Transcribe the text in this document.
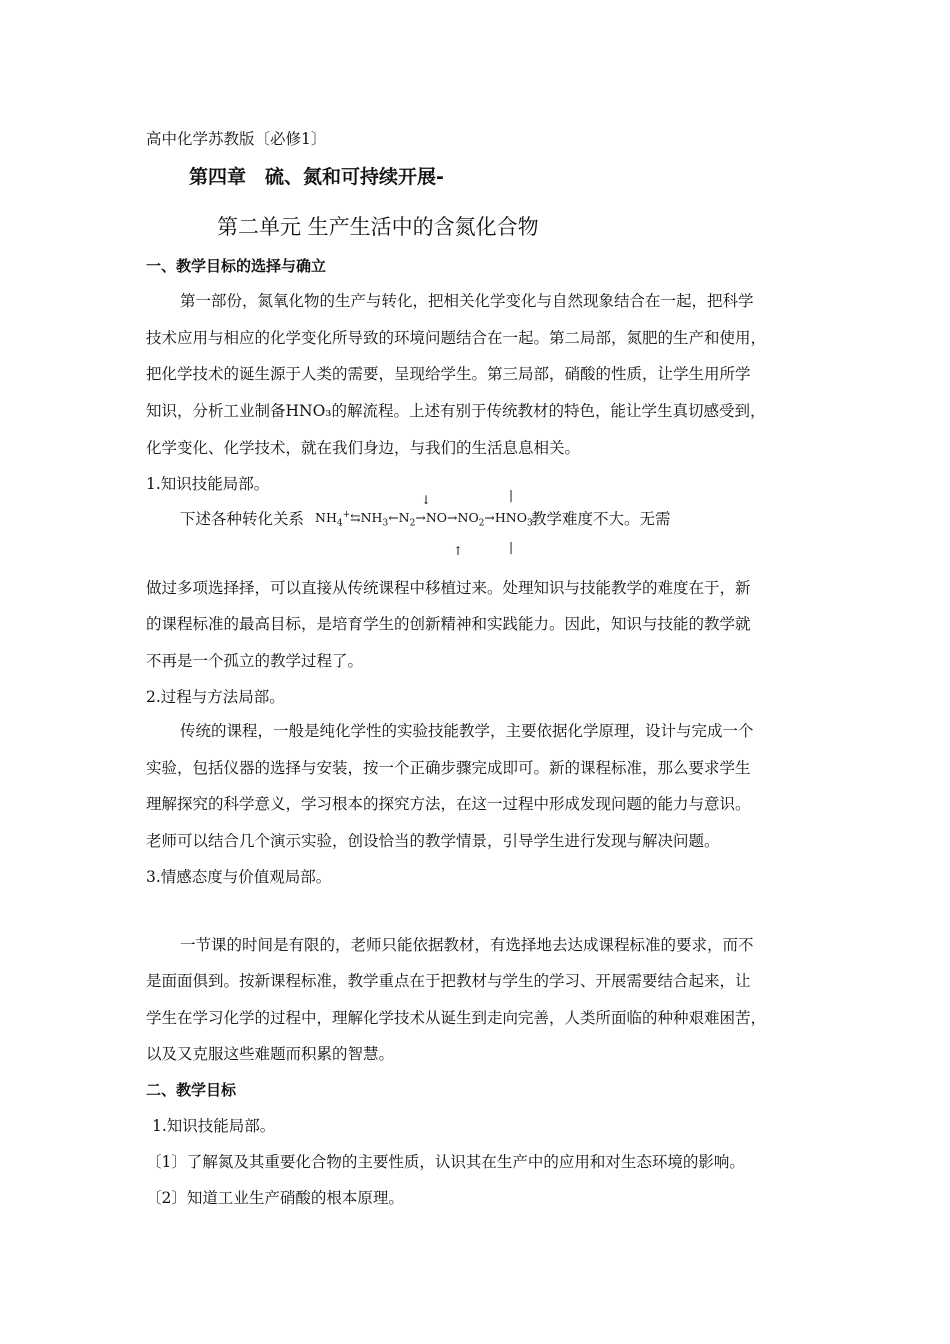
高中化学苏教版〔必修1〕
第四章　硫、氮和可持续开展-
第二单元 生产生活中的含氮化合物
一、教学目标的选择与确立
第一部份，氮氧化物的生产与转化，把相关化学变化与自然现象结合在一起，把科学
技术应用与相应的化学变化所导致的环境问题结合在一起。第二局部，氮肥的生产和使用，
把化学技术的诞生源于人类的需要，呈现给学生。第三局部，硝酸的性质，让学生用所学
知识，分析工业制备HNO₃的解流程。上述有别于传统教材的特色，能让学生真切感受到，
化学变化、化学技术，就在我们身边，与我们的生活息息相关。
1.知识技能局部。
↓	|
下述各种转化关系 $NH_4^+⇆NH_3\leftarrow N_2\to NO\to NO_2\to HNO_3$
教学难度不大。无需
↑	|
做过多项选择择，可以直接从传统课程中移植过来。处理知识与技能教学的难度在于，新
的课程标准的最高目标，是培育学生的创新精神和实践能力。因此，知识与技能的教学就
不再是一个孤立的教学过程了。
2.过程与方法局部。
传统的课程，一般是纯化学性的实验技能教学，主要依据化学原理，设计与完成一个
实验，包括仪器的选择与安装，按一个正确步骤完成即可。新的课程标准，那么要求学生
理解探究的科学意义，学习根本的探究方法，在这一过程中形成发现问题的能力与意识。
老师可以结合几个演示实验，创设恰当的教学情景，引导学生进行发现与解决问题。
3.情感态度与价值观局部。
一节课的时间是有限的，老师只能依据教材，有选择地去达成课程标准的要求，而不
是面面俱到。按新课程标准，教学重点在于把教材与学生的学习、开展需要结合起来，让
学生在学习化学的过程中，理解化学技术从诞生到走向完善，人类所面临的种种艰难困苦，
以及又克服这些难题而积累的智慧。
二、教学目标
1.知识技能局部。
〔1〕了解氮及其重要化合物的主要性质，认识其在生产中的应用和对生态环境的影响。
〔2〕知道工业生产硝酸的根本原理。
